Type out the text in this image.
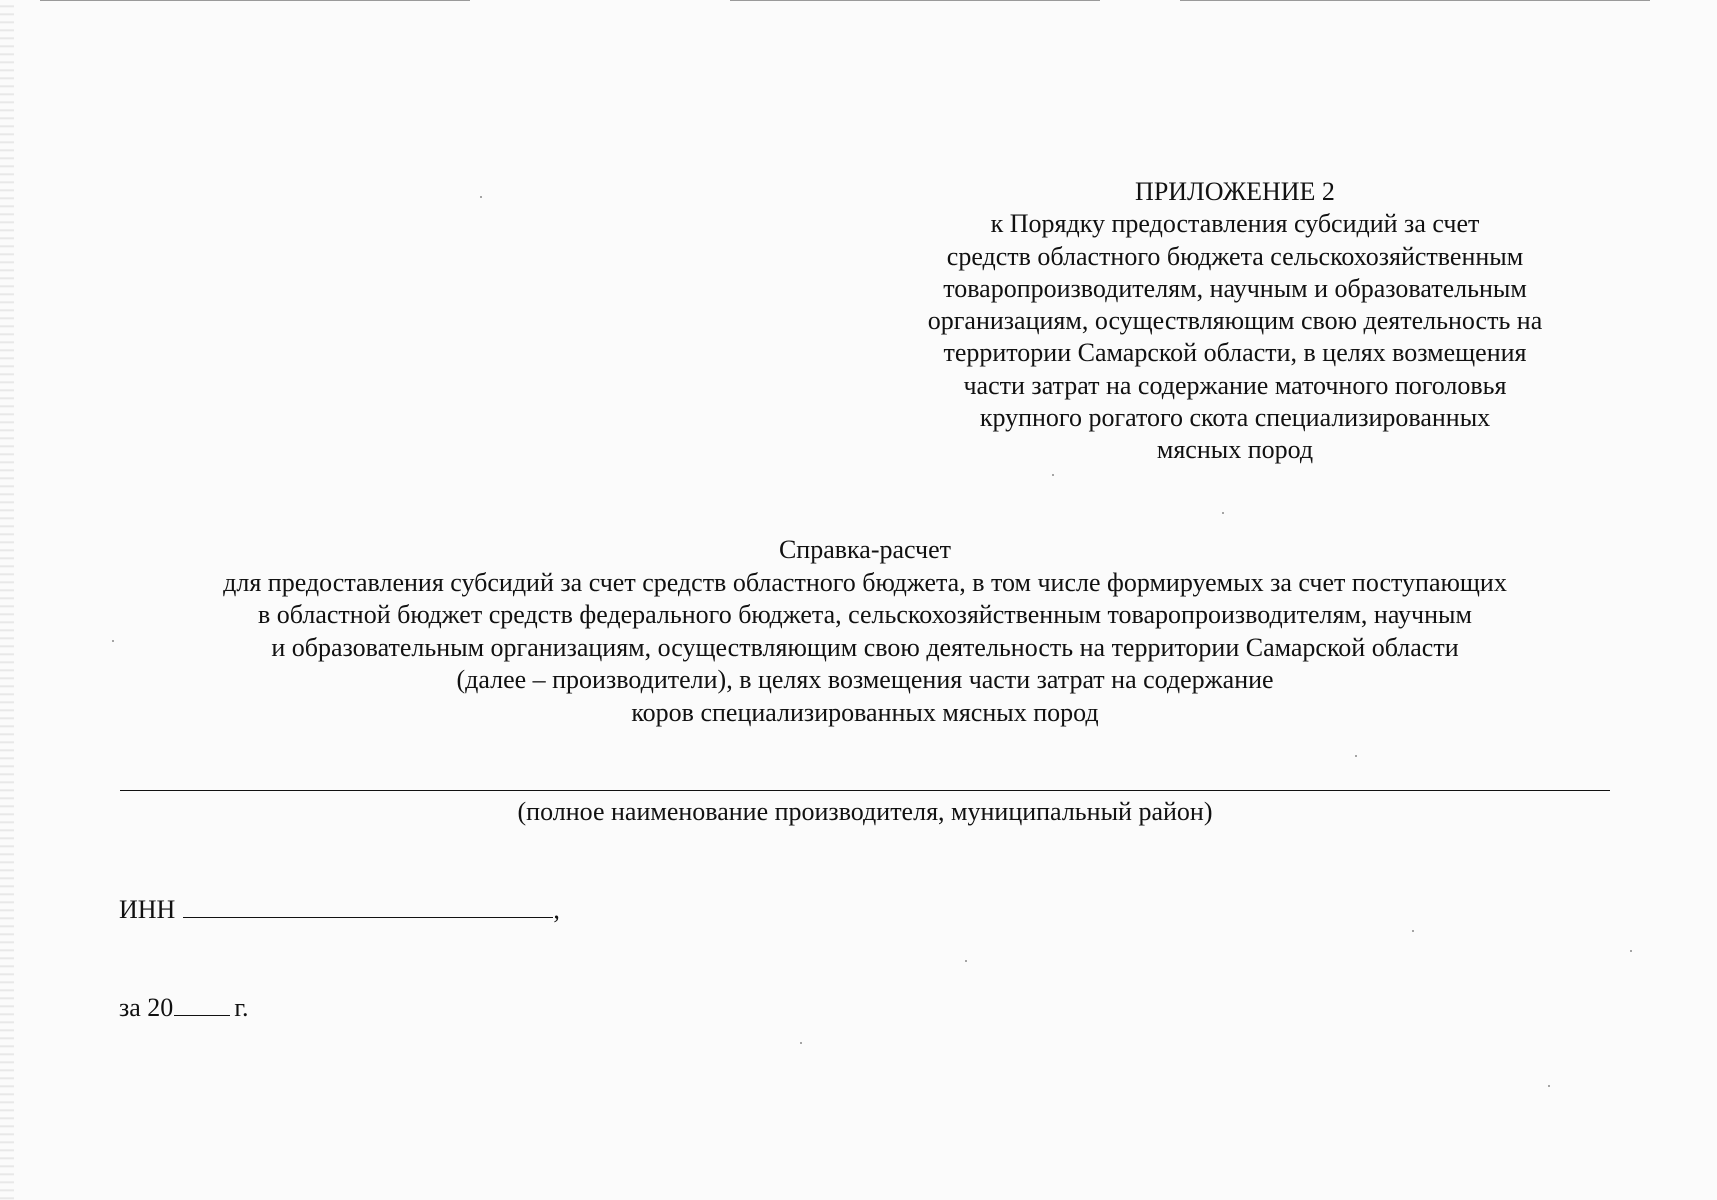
ПРИЛОЖЕНИЕ 2
к Порядку предоставления субсидий за счет
средств областного бюджета сельскохозяйственным
товаропроизводителям, научным и образовательным
организациям, осуществляющим свою деятельность на
территории Самарской области, в целях возмещения
части затрат на содержание маточного поголовья
крупного рогатого скота специализированных
мясных пород
Справка-расчет
для предоставления субсидий за счет средств областного бюджета, в том числе формируемых за счет поступающих
в областной бюджет средств федерального бюджета, сельскохозяйственным товаропроизводителям, научным
и образовательным организациям, осуществляющим свою деятельность на территории Самарской области
(далее – производители), в целях возмещения части затрат на содержание
коров специализированных мясных пород
(полное наименование производителя, муниципальный район)
ИНН	,
за 20 г.
